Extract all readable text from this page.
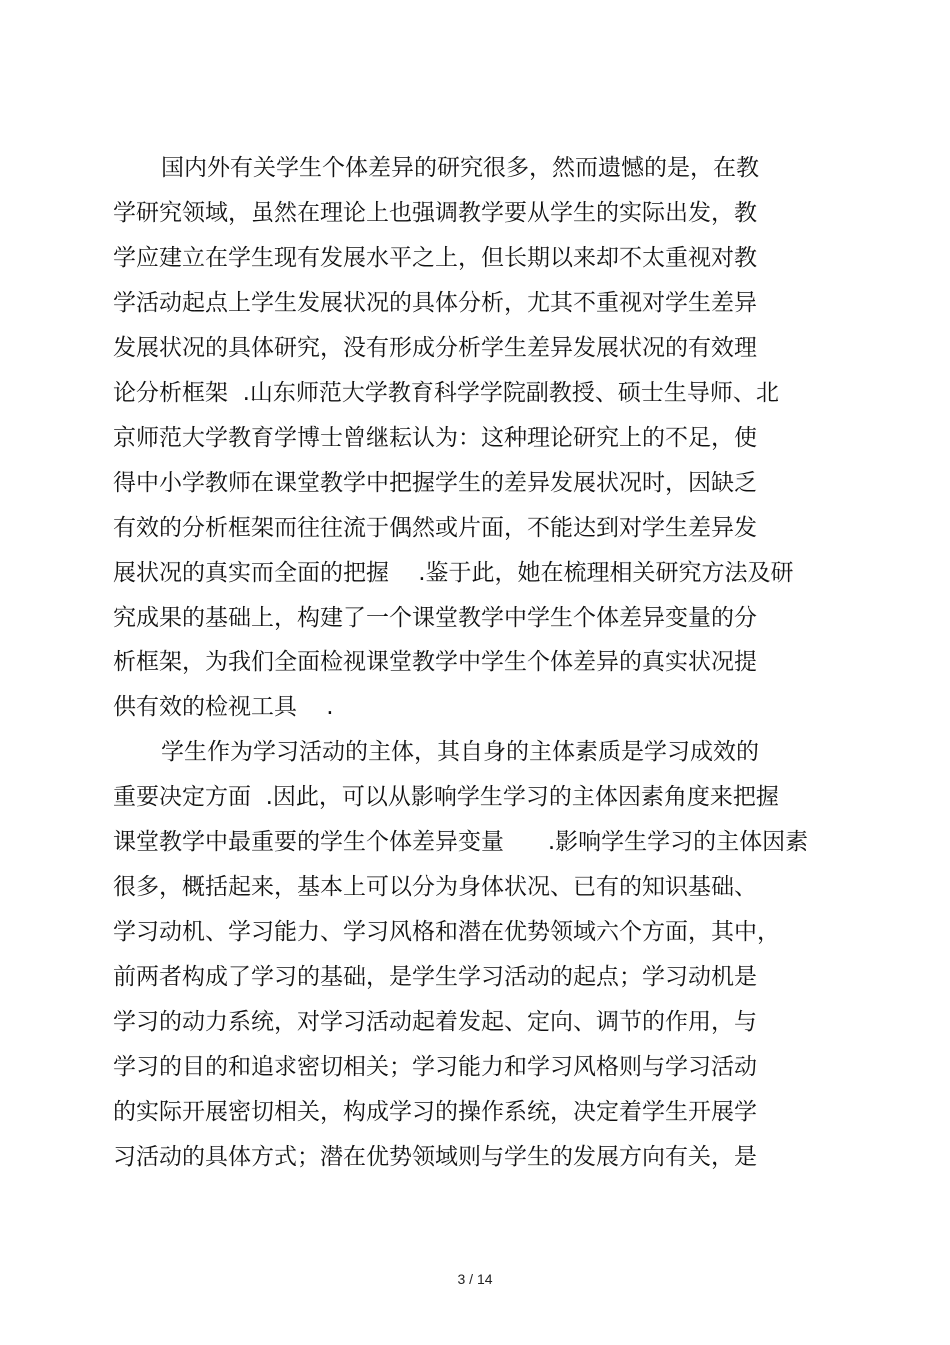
国内外有关学生个体差异的研究很多，然而遗憾的是，在教
学研究领域，虽然在理论上也强调教学要从学生的实际出发，教
学应建立在学生现有发展水平之上，但长期以来却不太重视对教
学活动起点上学生发展状况的具体分析，尤其不重视对学生差异
发展状况的具体研究，没有形成分析学生差异发展状况的有效理
论分析框架  .山东师范大学教育科学学院副教授、硕士生导师、北
京师范大学教育学博士曾继耘认为：这种理论研究上的不足，使
得中小学教师在课堂教学中把握学生的差异发展状况时，因缺乏
有效的分析框架而往往流于偶然或片面，不能达到对学生差异发
展状况的真实而全面的把握    .鉴于此，她在梳理相关研究方法及研
究成果的基础上，构建了一个课堂教学中学生个体差异变量的分
析框架，为我们全面检视课堂教学中学生个体差异的真实状况提
供有效的检视工具    .
学生作为学习活动的主体，其自身的主体素质是学习成效的
重要决定方面  .因此，可以从影响学生学习的主体因素角度来把握
课堂教学中最重要的学生个体差异变量      .影响学生学习的主体因素
很多，概括起来，基本上可以分为身体状况、已有的知识基础、
学习动机、学习能力、学习风格和潜在优势领域六个方面，其中，
前两者构成了学习的基础，是学生学习活动的起点；学习动机是
学习的动力系统，对学习活动起着发起、定向、调节的作用，与
学习的目的和追求密切相关；学习能力和学习风格则与学习活动
的实际开展密切相关，构成学习的操作系统，决定着学生开展学
习活动的具体方式；潜在优势领域则与学生的发展方向有关，是
3 / 14
